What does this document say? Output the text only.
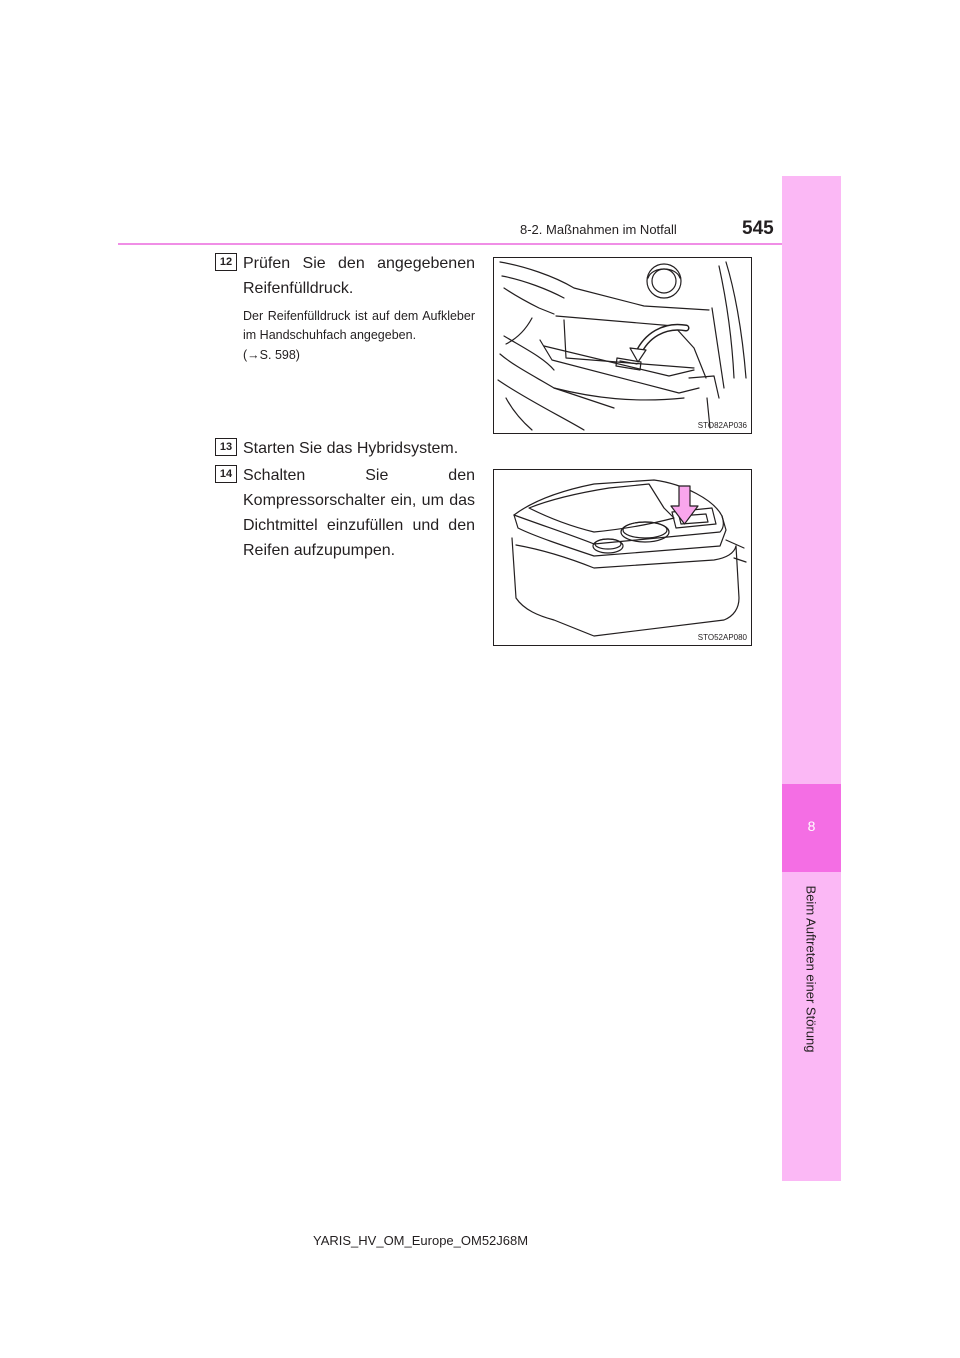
8-2. Maßnahmen im Notfall	545
8
Beim Auftreten einer Störung
12 Prüfen Sie den angegebenen Reifenfülldruck.
Der Reifenfülldruck ist auf dem Aufkleber im Handschuhfach angegeben.
(→S. 598)
STO82AP036
13 Starten Sie das Hybridsystem.
14 Schalten Sie den Kompressorschalter ein, um das Dichtmittel einzufüllen und den Reifen aufzupumpen.
STO52AP080
YARIS_HV_OM_Europe_OM52J68M
